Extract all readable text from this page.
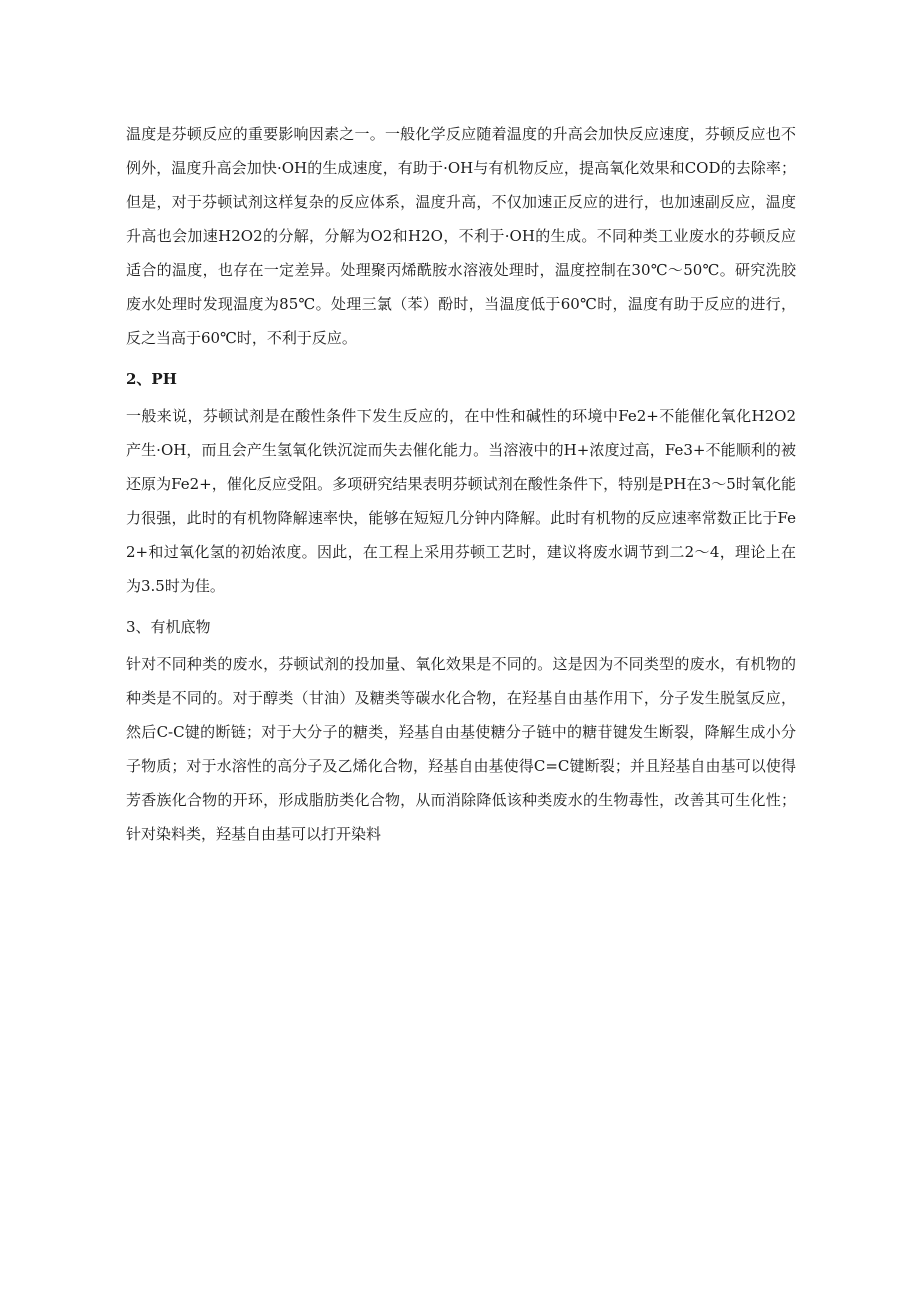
温度是芬顿反应的重要影响因素之一。一般化学反应随着温度的升高会加快反应速度，芬顿反应也不例外，温度升高会加快·OH的生成速度，有助于·OH与有机物反应，提高氧化效果和COD的去除率；但是，对于芬顿试剂这样复杂的反应体系，温度升高，不仅加速正反应的进行，也加速副反应，温度升高也会加速H2O2的分解，分解为O2和H2O，不利于·OH的生成。不同种类工业废水的芬顿反应适合的温度，也存在一定差异。处理聚丙烯酰胺水溶液处理时，温度控制在30℃～50℃。研究洗胶废水处理时发现温度为85℃。处理三氯（苯）酚时，当温度低于60℃时，温度有助于反应的进行，反之当高于60℃时，不利于反应。

2、PH

一般来说，芬顿试剂是在酸性条件下发生反应的，在中性和碱性的环境中Fe2+不能催化氧化H2O2产生·OH，而且会产生氢氧化铁沉淀而失去催化能力。当溶液中的H+浓度过高，Fe3+不能顺利的被还原为Fe2+，催化反应受阻。多项研究结果表明芬顿试剂在酸性条件下，特别是PH在3～5时氧化能力很强，此时的有机物降解速率快，能够在短短几分钟内降解。此时有机物的反应速率常数正比于Fe2+和过氧化氢的初始浓度。因此，在工程上采用芬顿工艺时，建议将废水调节到二2～4，理论上在为3.5时为佳。

3、有机底物

针对不同种类的废水，芬顿试剂的投加量、氧化效果是不同的。这是因为不同类型的废水，有机物的种类是不同的。对于醇类（甘油）及糖类等碳水化合物，在羟基自由基作用下，分子发生脱氢反应，然后C-C键的断链；对于大分子的糖类，羟基自由基使糖分子链中的糖苷键发生断裂，降解生成小分子物质；对于水溶性的高分子及乙烯化合物，羟基自由基使得C=C键断裂；并且羟基自由基可以使得芳香族化合物的开环，形成脂肪类化合物，从而消除降低该种类废水的生物毒性，改善其可生化性；针对染料类，羟基自由基可以打开染料
